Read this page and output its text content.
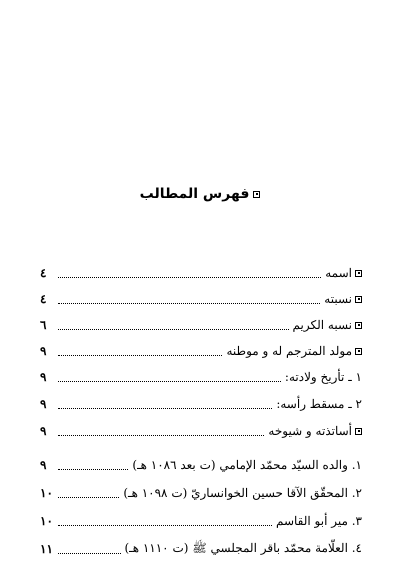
فهرس المطالب
اسمه
٤
نسبته
٤
نسبه الكريم
٦
مولد المترجم له و موطنه
٩
١ ـ تأريخ ولادته:
٩
٢ ـ مسقط رأسه:
٩
أساتذته و شيوخه
٩
١. والده السيّد محمّد الإمامي (ت بعد ١٠٨٦ هـ)
٩
٢. المحقّق الآقا حسين الخوانساريّ (ت ١٠٩٨ هـ)
١٠
٣. مير أبو القاسم
١٠
٤. العلّامة محمّد باقر المجلسي ﷺ (ت ١١١٠ هـ)
١١
